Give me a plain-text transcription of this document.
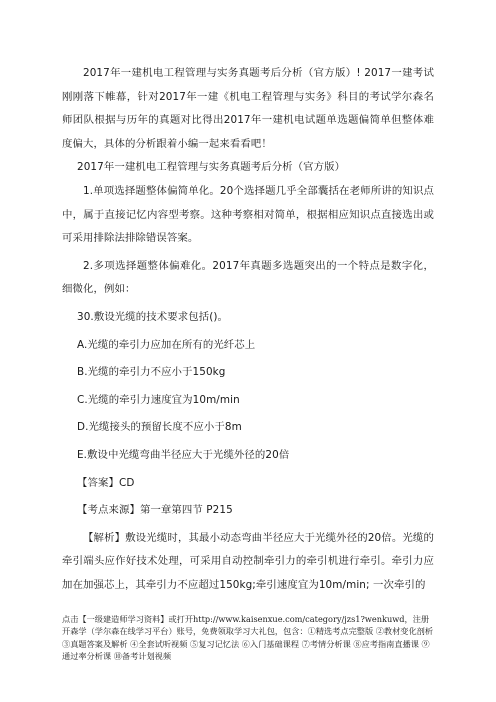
2017年一建机电工程管理与实务真题考后分析（官方版）! 2017一建考试刚刚落下帷幕，针对2017年一建《机电工程管理与实务》科目的考试学尔森名师团队根据与历年的真题对比得出2017年一建机电试题单选题偏简单但整体难度偏大，具体的分析跟着小编一起来看看吧！

2017年一建机电工程管理与实务真题考后分析（官方版）

1.单项选择题整体偏简单化。20个选择题几乎全部囊括在老师所讲的知识点中，属于直接记忆内容型考察。这种考察相对简单，根据相应知识点直接选出或可采用排除法排除错误答案。

2.多项选择题整体偏难化。2017年真题多选题突出的一个特点是数字化，细微化，例如：

30.敷设光缆的技术要求包括()。

A.光缆的牵引力应加在所有的光纤芯上

B.光缆的牵引力不应小于150kg

C.光缆的牵引力速度宜为10m/min

D.光缆接头的预留长度不应小于8m

E.敷设中光缆弯曲半径应大于光缆外径的20倍

【答案】CD

【考点来源】第一章第四节 P215

【解析】敷设光缆时，其最小动态弯曲半径应大于光缆外径的20倍。光缆的牵引端头应作好技术处理，可采用自动控制牵引力的牵引机进行牵引。牵引力应加在加强芯上，其牵引力不应超过150kg;牵引速度宜为10m/min; 一次牵引的

点击【一级建造师学习资料】或打开http://www.kaisenxue.com/category/jzs1?wenkuwd，注册开森学（学尔森在线学习平台）账号，免费领取学习大礼包，包含：①精选考点完整版 ②教材变化剖析 ③真题答案及解析 ④全套试听视频 ⑤复习记忆法 ⑥入门基础课程 ⑦考情分析课 ⑧应考指南直播课 ⑨通过率分析课 ⑩备考计划视频
